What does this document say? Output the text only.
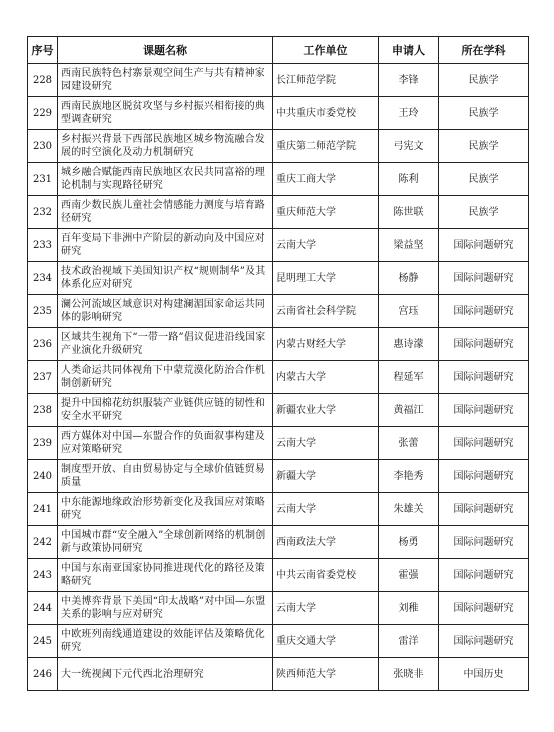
序号	课题名称	工作单位	申请人	所在学科
228	西南民族特色村寨景观空间生产与共有精神家园建设研究	长江师范学院	李锋	民族学
229	西南民族地区脱贫攻坚与乡村振兴相衔接的典型调查研究	中共重庆市委党校	王玲	民族学
230	乡村振兴背景下西部民族地区城乡物流融合发展的时空演化及动力机制研究	重庆第二师范学院	弓宪文	民族学
231	城乡融合赋能西南民族地区农民共同富裕的理论机制与实现路径研究	重庆工商大学	陈利	民族学
232	西南少数民族儿童社会情感能力测度与培育路径研究	重庆师范大学	陈世联	民族学
233	百年变局下非洲中产阶层的新动向及中国应对研究	云南大学	梁益坚	国际问题研究
234	技术政治视域下美国知识产权“规则制华”及其体系化应对研究	昆明理工大学	杨静	国际问题研究
235	澜公河流域区域意识对构建澜湄国家命运共同体的影响研究	云南省社会科学院	宫珏	国际问题研究
236	区域共生视角下“一带一路”倡议促进沿线国家产业演化升级研究	内蒙古财经大学	惠诗濛	国际问题研究
237	人类命运共同体视角下中蒙荒漠化防治合作机制创新研究	内蒙古大学	程延军	国际问题研究
238	提升中国棉花纺织服装产业链供应链的韧性和安全水平研究	新疆农业大学	黄福江	国际问题研究
239	西方媒体对中国—东盟合作的负面叙事构建及应对策略研究	云南大学	张蕾	国际问题研究
240	制度型开放、自由贸易协定与全球价值链贸易质量	新疆大学	李艳秀	国际问题研究
241	中东能源地缘政治形势新变化及我国应对策略研究	云南大学	朱雄关	国际问题研究
242	中国城市群“安全融入”全球创新网络的机制创新与政策协同研究	西南政法大学	杨勇	国际问题研究
243	中国与东南亚国家协同推进现代化的路径及策略研究	中共云南省委党校	霍强	国际问题研究
244	中美博弈背景下美国“印太战略”对中国—东盟关系的影响与应对研究	云南大学	刘稚	国际问题研究
245	中欧班列南线通道建设的效能评估及策略优化研究	重庆交通大学	雷洋	国际问题研究
246	大一统视阈下元代西北治理研究	陕西师范大学	张晓非	中国历史
